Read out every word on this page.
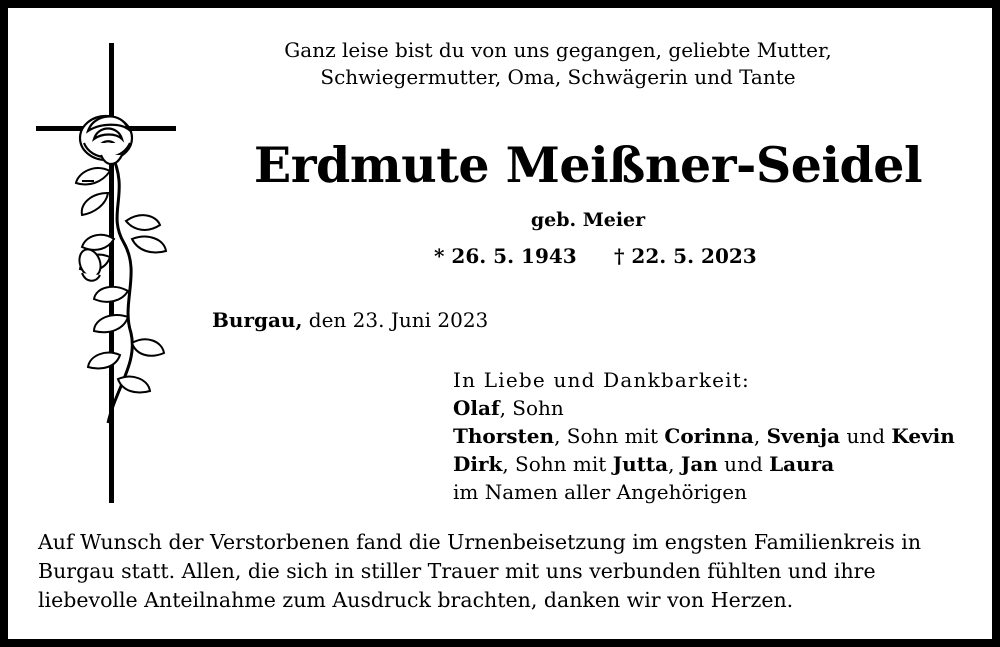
Ganz leise bist du von uns gegangen, geliebte Mutter,
Schwiegermutter, Oma, Schwägerin und Tante
Erdmute Meißner-Seidel
geb. Meier
* 26. 5. 1943 † 22. 5. 2023
Burgau, den 23. Juni 2023
In Liebe und Dankbarkeit:
Olaf, Sohn
Thorsten, Sohn mit Corinna, Svenja und Kevin
Dirk, Sohn mit Jutta, Jan und Laura
im Namen aller Angehörigen
Auf Wunsch der Verstorbenen fand die Urnenbeisetzung im engsten Familienkreis in
Burgau statt. Allen, die sich in stiller Trauer mit uns verbunden fühlten und ihre
liebevolle Anteilnahme zum Ausdruck brachten, danken wir von Herzen.
